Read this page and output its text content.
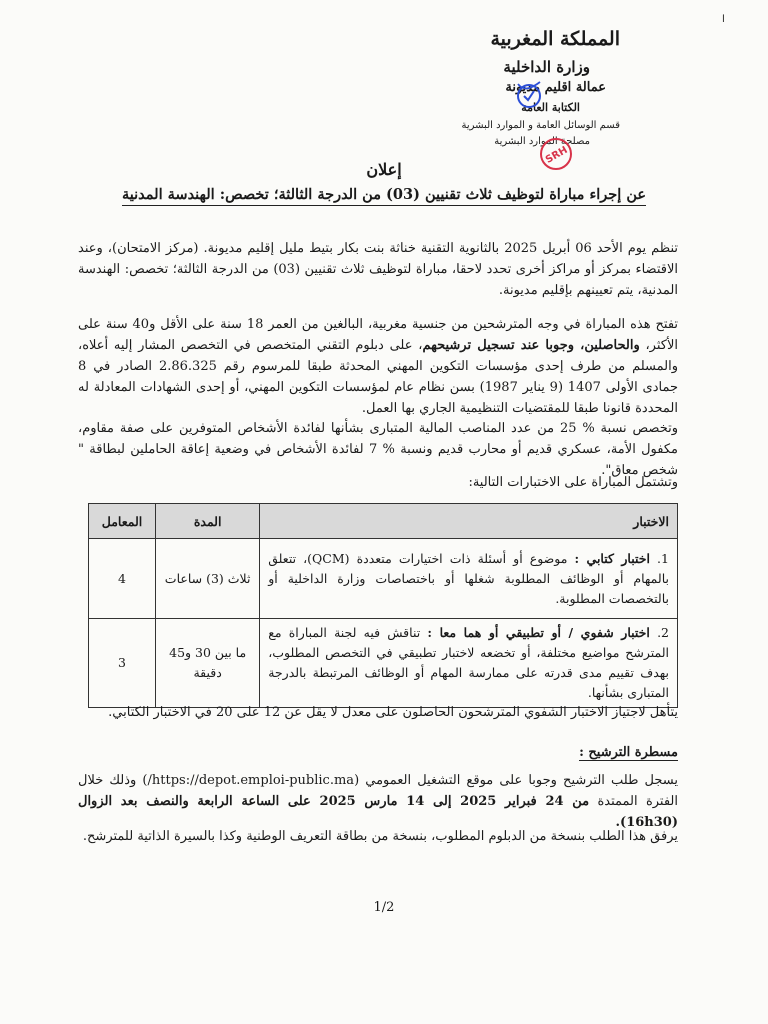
ا
المملكة المغربية
وزارة الداخلية
عمالة اقليم مديونة
الكتابة العامة
قسم الوسائل العامة و الموارد البشرية
مصلحة الموارد البشرية
SRH
إعلان
عن إجراء مباراة لتوظيف ثلاث تقنيين (03) من الدرجة الثالثة؛ تخصص: الهندسة المدنية
تنظم يوم الأحد 06 أبريل 2025 بالثانوية التقنية خناثة بنت بكار بتيط مليل إقليم مديونة. (مركز الامتحان)، وعند الاقتضاء بمركز أو مراكز أخرى تحدد لاحقا، مباراة لتوظيف ثلاث تقنيين (03) من الدرجة الثالثة؛ تخصص: الهندسة المدنية، يتم تعيينهم بإقليم مديونة.
تفتح هذه المباراة في وجه المترشحين من جنسية مغربية، البالغين من العمر 18 سنة على الأقل و40 سنة على الأكثر، والحاصلين، وجوبا عند تسجيل ترشيحهم، على دبلوم التقني المتخصص في التخصص المشار إليه أعلاه، والمسلم من طرف إحدى مؤسسات التكوين المهني المحدثة طبقا للمرسوم رقم 2.86.325 الصادر في 8 جمادى الأولى 1407 (9 يناير 1987) بسن نظام عام لمؤسسات التكوين المهني، أو إحدى الشهادات المعادلة له المحددة قانونا طبقا للمقتضيات التنظيمية الجاري بها العمل.
وتخصص نسبة % 25 من عدد المناصب المالية المتبارى بشأنها لفائدة الأشخاص المتوفرين على صفة مقاوم، مكفول الأمة، عسكري قديم أو محارب قديم ونسبة % 7 لفائدة الأشخاص في وضعية إعاقة الحاملين لبطاقة " شخص معاق".
وتشتمل المباراة على الاختبارات التالية:
الاختبار	المدة	المعامل
1. اختبار كتابي : موضوع أو أسئلة ذات اختيارات متعددة (QCM)، تتعلق بالمهام أو الوظائف المطلوبة شغلها أو باختصاصات وزارة الداخلية أو بالتخصصات المطلوبة.	ثلاث (3) ساعات	4
2. اختبار شفوي / أو تطبيقي أو هما معا : تناقش فيه لجنة المباراة مع المترشح مواضيع مختلفة، أو تخضعه لاختبار تطبيقي في التخصص المطلوب، بهدف تقييم مدى قدرته على ممارسة المهام أو الوظائف المرتبطة بالدرجة المتبارى بشأنها.	ما بين 30 و45 دقيقة	3
يتأهل لاجتياز الاختبار الشفوي المترشحون الحاصلون على معدل لا يقل عن 12 على 20 في الاختبار الكتابي.
مسطرة الترشيح :
يسجل طلب الترشيح وجوبا على موقع التشغيل العمومي (https://depot.emploi-public.ma/) وذلك خلال الفترة الممتدة من 24 فبراير 2025 إلى 14 مارس 2025 على الساعة الرابعة والنصف بعد الزوال (16h30).
يرفق هذا الطلب بنسخة من الدبلوم المطلوب، بنسخة من بطاقة التعريف الوطنية وكذا بالسيرة الذاتية للمترشح.
1/2
